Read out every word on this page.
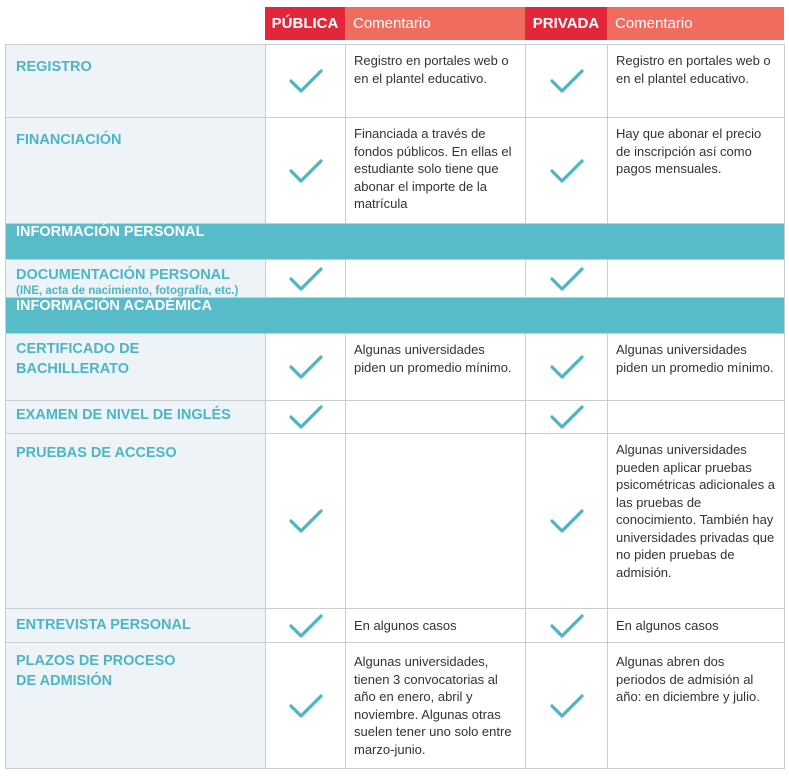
PÚBLICA Comentario	PRIVADA	Comentario
REGISTRO		Registro en portales web o en el plantel educativo.		Registro en portales web o en el plantel educativo.
FINANCIACIÓN		Financiada a través de fondos públicos. En ellas el estudiante solo tiene que abonar el importe de la matrícula		Hay que abonar el precio de inscripción así como pagos mensuales.
INFORMACIÓN PERSONAL				
DOCUMENTACIÓN PERSONAL
(INE, acta de nacimiento, fotografía, etc.)

INFORMACIÓN ACADÉMICA				
CERTIFICADO DE BACHILLERATO		Algunas universidades piden un promedio mínimo.		Algunas universidades piden un promedio mínimo.
EXAMEN DE NIVEL DE INGLÉS	

PRUEBAS DE ACCESO				Algunas universidades pueden aplicar pruebas psicométricas adicionales a las pruebas de conocimiento. También hay universidades privadas que no piden pruebas de admisión.
ENTREVISTA PERSONAL		En algunos casos		En algunos casos
PLAZOS DE PROCESO DE ADMISIÓN		Algunas universidades, tienen 3 convocatorias al año en enero, abril y noviembre. Algunas otras suelen tener uno solo entre marzo-junio.		Algunas abren dos periodos de admisión al año: en diciembre y julio.
